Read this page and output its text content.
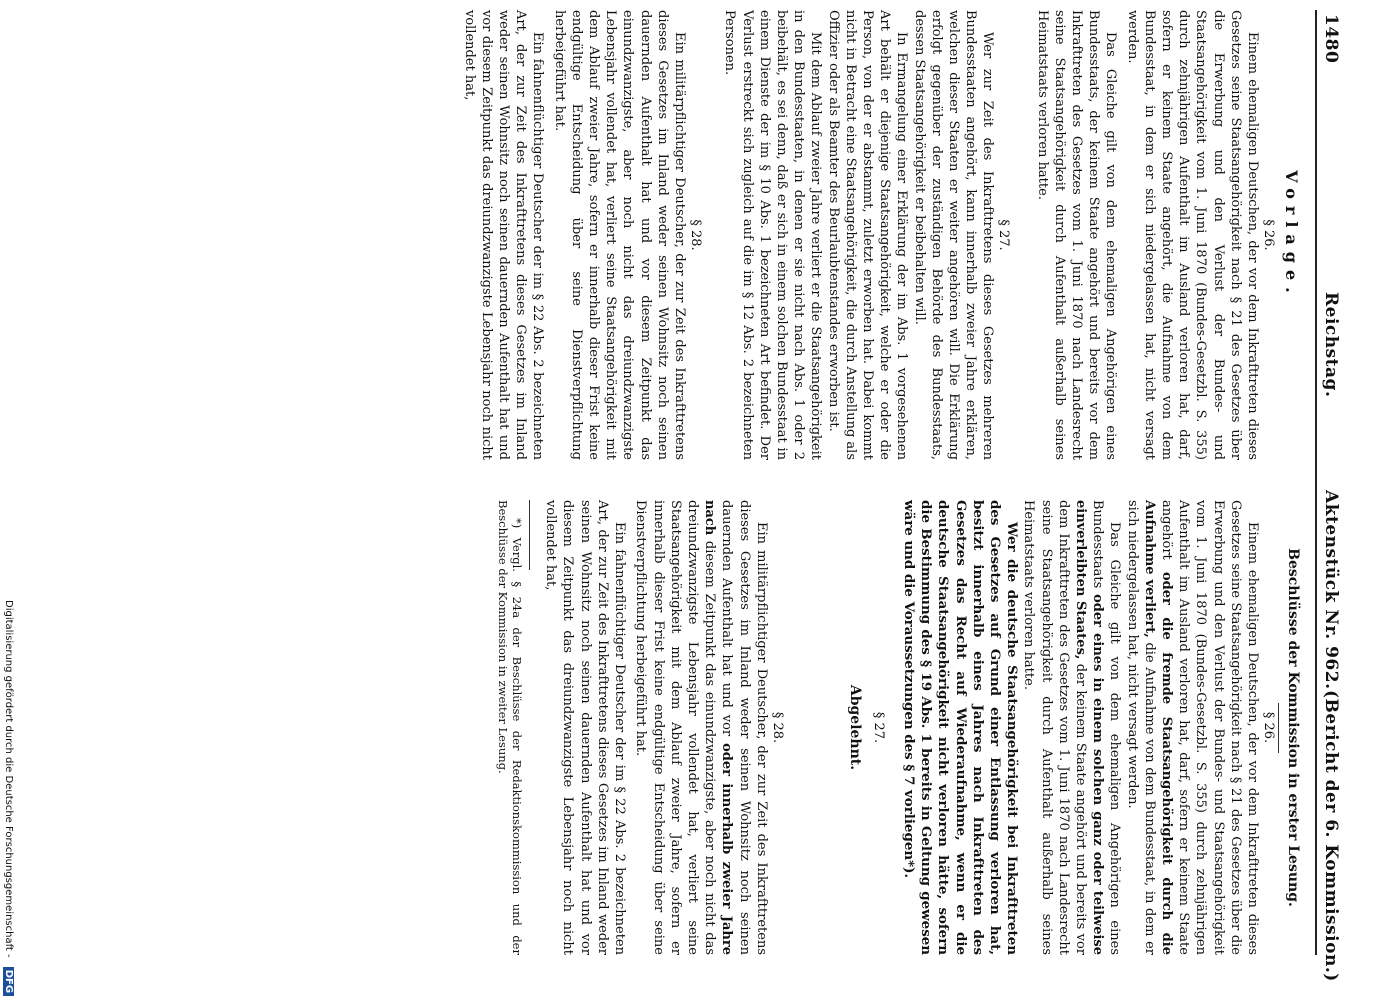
1480
Reichstag.
Aktenstück Nr. 962.
(Bericht der 6. Kommission.)
Vorlage.
§ 26.
Einem ehemaligen Deutschen, der vor dem Inkrafttreten dieses Gesetzes seine Staatsangehörigkeit nach § 21 des Gesetzes über die Erwerbung und den Verlust der Bundes- und Staatsangehörigkeit vom 1. Juni 1870 (Bundes-Gesetzbl. S. 355) durch zehnjährigen Aufenthalt im Ausland verloren hat, darf, sofern er keinem Staate angehört, die Aufnahme von dem Bundesstaat, in dem er sich niedergelassen hat, nicht versagt werden.
Das Gleiche gilt von dem ehemaligen Angehörigen eines Bundesstaats, der keinem Staate angehört und bereits vor dem Inkrafttreten des Gesetzes vom 1. Juni 1870 nach Landesrecht seine Staatsangehörigkeit durch Aufenthalt außerhalb seines Heimatstaats verloren hatte.
§ 27.
Wer zur Zeit des Inkrafttretens dieses Gesetzes mehreren Bundesstaaten angehört, kann innerhalb zweier Jahre erklären, welchen dieser Staaten er weiter angehören will. Die Erklärung erfolgt gegenüber der zuständigen Behörde des Bundesstaats, dessen Staatsangehörigkeit er beibehalten will.
In Ermangelung einer Erklärung der im Abs. 1 vorgesehenen Art behält er diejenige Staatsangehörigkeit, welche er oder die Person, von der er abstammt, zuletzt erworben hat. Dabei kommt nicht in Betracht eine Staatsangehörigkeit, die durch Anstellung als Offizier oder als Beamter des Beurlaubtenstandes erworben ist.
Mit dem Ablauf zweier Jahre verliert er die Staatsangehörigkeit in den Bundesstaaten, in denen er sie nicht nach Abs. 1 oder 2 beibehält, es sei denn, daß er sich in einem solchen Bundesstaat in einem Dienste der im § 10 Abs. 1 bezeichneten Art befindet. Der Verlust erstreckt sich zugleich auf die im § 12 Abs. 2 bezeichneten Personen.
§ 28.
Ein militärpflichtiger Deutscher, der zur Zeit des Inkrafttretens dieses Gesetzes im Inland weder seinen Wohnsitz noch seinen dauernden Aufenthalt hat und vor diesem Zeitpunkt das einundzwanzigste, aber noch nicht das dreiundzwanzigste Lebensjahr vollendet hat, verliert seine Staatsangehörigkeit mit dem Ablauf zweier Jahre, sofern er innerhalb dieser Frist keine endgültige Entscheidung über seine Dienstverpflichtung herbeigeführt hat.
Ein fahnenflüchtiger Deutscher der im § 22 Abs. 2 bezeichneten Art, der zur Zeit des Inkrafttretens dieses Gesetzes im Inland weder seinen Wohnsitz noch seinen dauernden Aufenthalt hat und vor diesem Zeitpunkt das dreiundzwanzigste Lebensjahr noch nicht vollendet hat,
Beschlüsse der Kommission in erster Lesung.
§ 26.
Einem ehemaligen Deutschen, der vor dem Inkrafttreten dieses Gesetzes seine Staatsangehörigkeit nach § 21 des Gesetzes über die Erwerbung und den Verlust der Bundes- und Staatsangehörigkeit vom 1. Juni 1870 (Bundes-Gesetzbl. S. 355) durch zehnjährigen Aufenthalt im Ausland verloren hat, darf, sofern er keinem Staate angehört oder die fremde Staatsangehörigkeit durch die Aufnahme verliert, die Aufnahme von dem Bundesstaat, in dem er sich niedergelassen hat, nicht versagt werden.
Das Gleiche gilt von dem ehemaligen Angehörigen eines Bundesstaats oder eines in einem solchen ganz oder teilweise einverleibten Staates, der keinem Staate angehört und bereits vor dem Inkrafttreten des Gesetzes vom 1. Juni 1870 nach Landesrecht seine Staatsangehörigkeit durch Aufenthalt außerhalb seines Heimatstaats verloren hatte.
Wer die deutsche Staatsangehörigkeit bei Inkrafttreten des Gesetzes auf Grund einer Entlassung verloren hat, besitzt innerhalb eines Jahres nach Inkrafttreten des Gesetzes das Recht auf Wiederaufnahme, wenn er die deutsche Staatsangehörigkeit nicht verloren hätte, sofern die Bestimmung des § 19 Abs. 1 bereits in Geltung gewesen wäre und die Voraussetzungen des § 7 vorliegen*).
§ 27.
Abgelehnt.
§ 28.
Ein militärpflichtiger Deutscher, der zur Zeit des Inkrafttretens dieses Gesetzes im Inland weder seinen Wohnsitz noch seinen dauernden Aufenthalt hat und vor oder innerhalb zweier Jahre nach diesem Zeitpunkt das einundzwanzigste, aber noch nicht das dreiundzwanzigste Lebensjahr vollendet hat, verliert seine Staatsangehörigkeit mit dem Ablauf zweier Jahre, sofern er innerhalb dieser Frist keine endgültige Entscheidung über seine Dienstverpflichtung herbeigeführt hat.
Ein fahnenflüchtiger Deutscher der im § 22 Abs. 2 bezeichneten Art, der zur Zeit des Inkrafttretens dieses Gesetzes im Inland weder seinen Wohnsitz noch seinen dauernden Aufenthalt hat und vor diesem Zeitpunkt das dreiundzwanzigste Lebensjahr noch nicht vollendet hat,
*) Vergl. § 24a der Beschlüsse der Redaktionskommission und der Beschlüsse der Kommission in zweiter Lesung.
Digitalisierung gefördert durch die Deutsche Forschungsgemeinschaft - DFG
